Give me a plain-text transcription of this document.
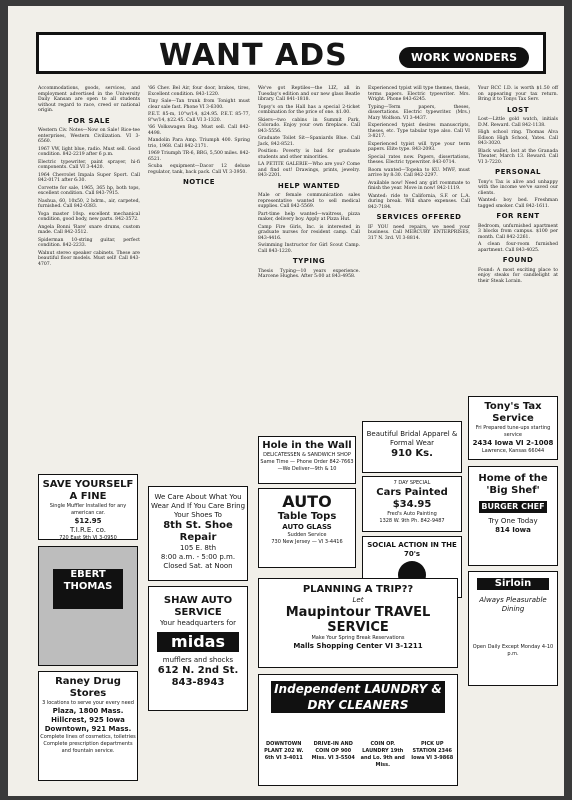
WANT ADS	WORK WONDERS

Accommodations, goods, services, and employment advertised in the University Daily Kansan are open to all students without regard to race, creed or national origin.

FOR SALE

Western Civ. Notes—Now on Sale! Rice-tee enterprises, Western Civilization. VI 3-6560.

1967 VW, light blue, radio. Must sell. Good condition. 842-2219 after 6 p.m.

Electric typewriter, paint sprayer, hi-fi components. Call VI 3-4420.

1964 Chevrolet Impala Super Sport. Call 842-0171 after 6:30.

Corvette for sale, 1965, 365 hp, both tops, excellent condition. Call 843-7915.

Nashua, 60, 10x50, 2 bdrm., air, carpeted, furnished. Call 842-0383.

Yoga master 10sp. excellent mechanical condition, good body, new parts. 842-3572.

Angela Bonni 'Rare' snare drums, custom made. Call 842-3512.

Spiderman 10-string guitar, perfect condition. 842-2233.

Walnut stereo speaker cabinets. These are beautiful floor models. Must sell! Call 843-4707.

'66 Chev. Bel Air, four door, brakes, tires, Excellent condition. 843-1220.

Tiny Sale—Tan trunk from Tonight must clear sale fast. Phone VI 3-6300.

P.E.T. 85-m, 10"w/14, $24.95. P.E.T. 85-77, 8"w/14, $22.45. Call VI 3-1320.

'66 Volkswagen Bug. Must sell. Call 842-4498.

Mandolin Para Amp. Triumph 400. Spring trio, 1968. Call 842-2171.

1969 Triumph TR-6, BRG, 5,500 miles. 842-6521.

Scuba equipment—Dacor 12 deluxe regulator, tank, back pack. Call VI 3-3950.

NOTICE

We've got Reptiles—the LIZ, all in Tuesday's edition and our new glass Beatle library. Call 841-1818.

Topsy's on the Hall has a special 2-ticket combination for the price of one. $1.00.

Skiers—two cabins in Summit Park, Colorado. Enjoy your own fireplace. Call 843-5556.

Graduate Toilet Sit—Spaniards Blue. Call Jack, 842-8521.

Position: Poverty is bad for graduate students and other minorities.

LA PETITE GALERIE—Who are you? Come and find out! Drawings, prints, jewelry. 843-2201.

HELP WANTED

Male or female communication sales representative wanted to sell medical supplies. Call 842-5569.

Part-time help wanted—waitress, pizza maker, delivery boy. Apply at Pizza Hut.

Camp Fire Girls, Inc. is interested in graduate nurses for resident camp. Call 843-4416.

Swimming Instructor for Girl Scout Camp. Call 843-1220.

TYPING

Thesis Typing—10 years experience. Marcene Hughes. After 5:00 at 843-4958.

Experienced typist will type themes, thesis, terms papers. Electric typewriter. Mrs. Wright. Phone 843-6245.

Typing—Term papers, theses, dissertations. Electric typewriter. (Mrs.) Mary Wolfson. VI 3-4437.

Experienced typist desires manuscripts, theses, etc. Type tabular type also. Call VI 3-8217.

Experienced typist will type your term papers. Elite type. 843-2093.

Special rates now. Papers, dissertations, theses. Electric typewriter. 843-0714.

Room wanted—Topeka to KU. MWF, must arrive by 8:30. Call 842-2297.

Available now! Need any girl roommate to finish the year. Move in now! 842-1119.

Wanted: ride to California, S.F. or L.A. during break. Will share expenses. Call 842-7184.

SERVICES OFFERED

IF YOU need repairs, we need your business. Call MERCURY ENTERPRISES, 317 N. 3rd. VI 3-8814.

Your RCC I.D. is worth $1.50 off on appearing your tax return. Bring it to Tonys Tax Serv.

LOST

Lost—Little gold watch, initials D.M. Reward. Call 842-1138.

High school ring. Thomas Alva Edison High School, Yates. Call 843-3020.

Black wallet, lost at the Granada Theater, March 13. Reward. Call VI 3-7220.

PERSONAL

Tony's Tax is alive and unhappy with the income we've saved our clients.

Wanted: boy bed. Freshman tagged smoker. Call 842-1611.

FOR RENT

Bedroom, unfurnished apartment 3 blocks from campus. $100 per month. Call 842-2261.

A clean four-room furnished apartment. Call 843-4025.

FOUND

Found: A most exciting place to enjoy steaks for candlelight at their Steak Lorain.

SAVE YOURSELF A FINE
Single Muffler Installed for any american car.
$12.95
T.I.R.E. co.
720 East 9th VI 3-0950
EBERT THOMAS
Raney Drug Stores
3 locations to serve your every need
Plaza, 1800 Mass.
Hillcrest, 925 Iowa
Downtown, 921 Mass.
Complete lines of cosmetics, toiletries
Complete prescription departments and fountain service.
We Care About What You Wear And If You Care Bring Your Shoes To
8th St. Shoe Repair
105 E. 8th
8:00 a.m. - 5:00 p.m.
Closed Sat. at Noon
SHAW AUTO SERVICE
Your headquarters for
midas
mufflers and shocks
612 N. 2nd St.
843-8943
Hole in the Wall
DELICATESSEN & SANDWICH SHOP
Same Time — Phone Order 842-7663—We Deliver—9th & 10
AUTO
Table Tops
AUTO GLASS
Sudden Service
730 New Jersey — VI 3-4416
Beautiful Bridal Apparel & Formal Wear
910 Ks.
7 DAY SPECIAL
Cars Painted
$34.95
Fred's Auto Painting
1328 W. 9th Ph. 842-9487
SOCIAL ACTION IN THE 70's
Tony's Tax Service
Fri Prepared tune-ups starting service
2434 Iowa VI 2-1008
Lawrence, Kansas 66044
Home of the 'Big Shef'
BURGER CHEF
Try One Today
814 Iowa
PLANNING A TRIP??
Let
Maupintour TRAVEL SERVICE
Make Your Spring Break Reservations
Malls Shopping Center VI 3-1211
Sirloin
Always Pleasurable Dining
Open Daily Except Monday 4-10 p.m.
Independent LAUNDRY & DRY CLEANERS
DOWNTOWN PLANT 202 W. 6th VI 3-4011
DRIVE-IN AND COIN OP 900 Miss. VI 3-5504
COIN OP. LAUNDRY 19th and Lo. 9th and Miss.
PICK UP STATION 2346 Iowa VI 3-9868
